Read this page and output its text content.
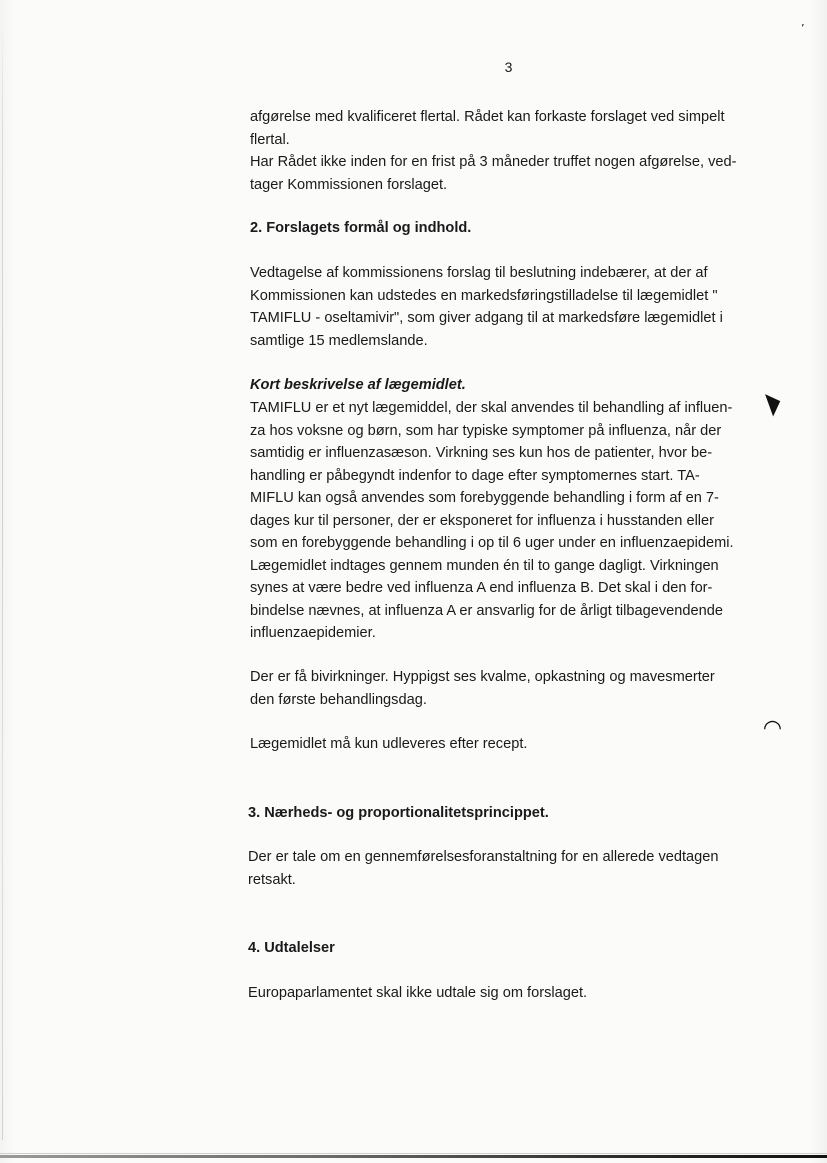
ʼ
◥
◠
3
afgørelse med kvalificeret flertal. Rådet kan forkaste forslaget ved simpelt
flertal.
Har Rådet ikke inden for en frist på 3 måneder truffet nogen afgørelse, ved-
tager Kommissionen forslaget.
2. Forslagets formål og indhold.
Vedtagelse af kommissionens forslag til beslutning indebærer, at der af
Kommissionen kan udstedes en markedsføringstilladelse til lægemidlet "
TAMIFLU - oseltamivir", som giver adgang til at markedsføre lægemidlet i
samtlige 15 medlemslande.
Kort beskrivelse af lægemidlet.
TAMIFLU er et nyt lægemiddel, der skal anvendes til behandling af influen-
za hos voksne og børn, som har typiske symptomer på influenza, når der
samtidig er influenzasæson. Virkning ses kun hos de patienter, hvor be-
handling er påbegyndt indenfor to dage efter symptomernes start. TA-
MIFLU kan også anvendes som forebyggende behandling i form af en 7-
dages kur til personer, der er eksponeret for influenza i husstanden eller
som en forebyggende behandling i op til 6 uger under en influenzaepidemi.
Lægemidlet indtages gennem munden én til to gange dagligt. Virkningen
synes at være bedre ved influenza A end influenza B. Det skal i den for-
bindelse nævnes, at influenza A er ansvarlig for de årligt tilbagevendende
influenzaepidemier.
Der er få bivirkninger. Hyppigst ses kvalme, opkastning og mavesmerter
den første behandlingsdag.
Lægemidlet må kun udleveres efter recept.
3. Nærheds- og proportionalitetsprincippet.
Der er tale om en gennemførelsesforanstaltning for en allerede vedtagen
retsakt.
4. Udtalelser
Europaparlamentet skal ikke udtale sig om forslaget.
